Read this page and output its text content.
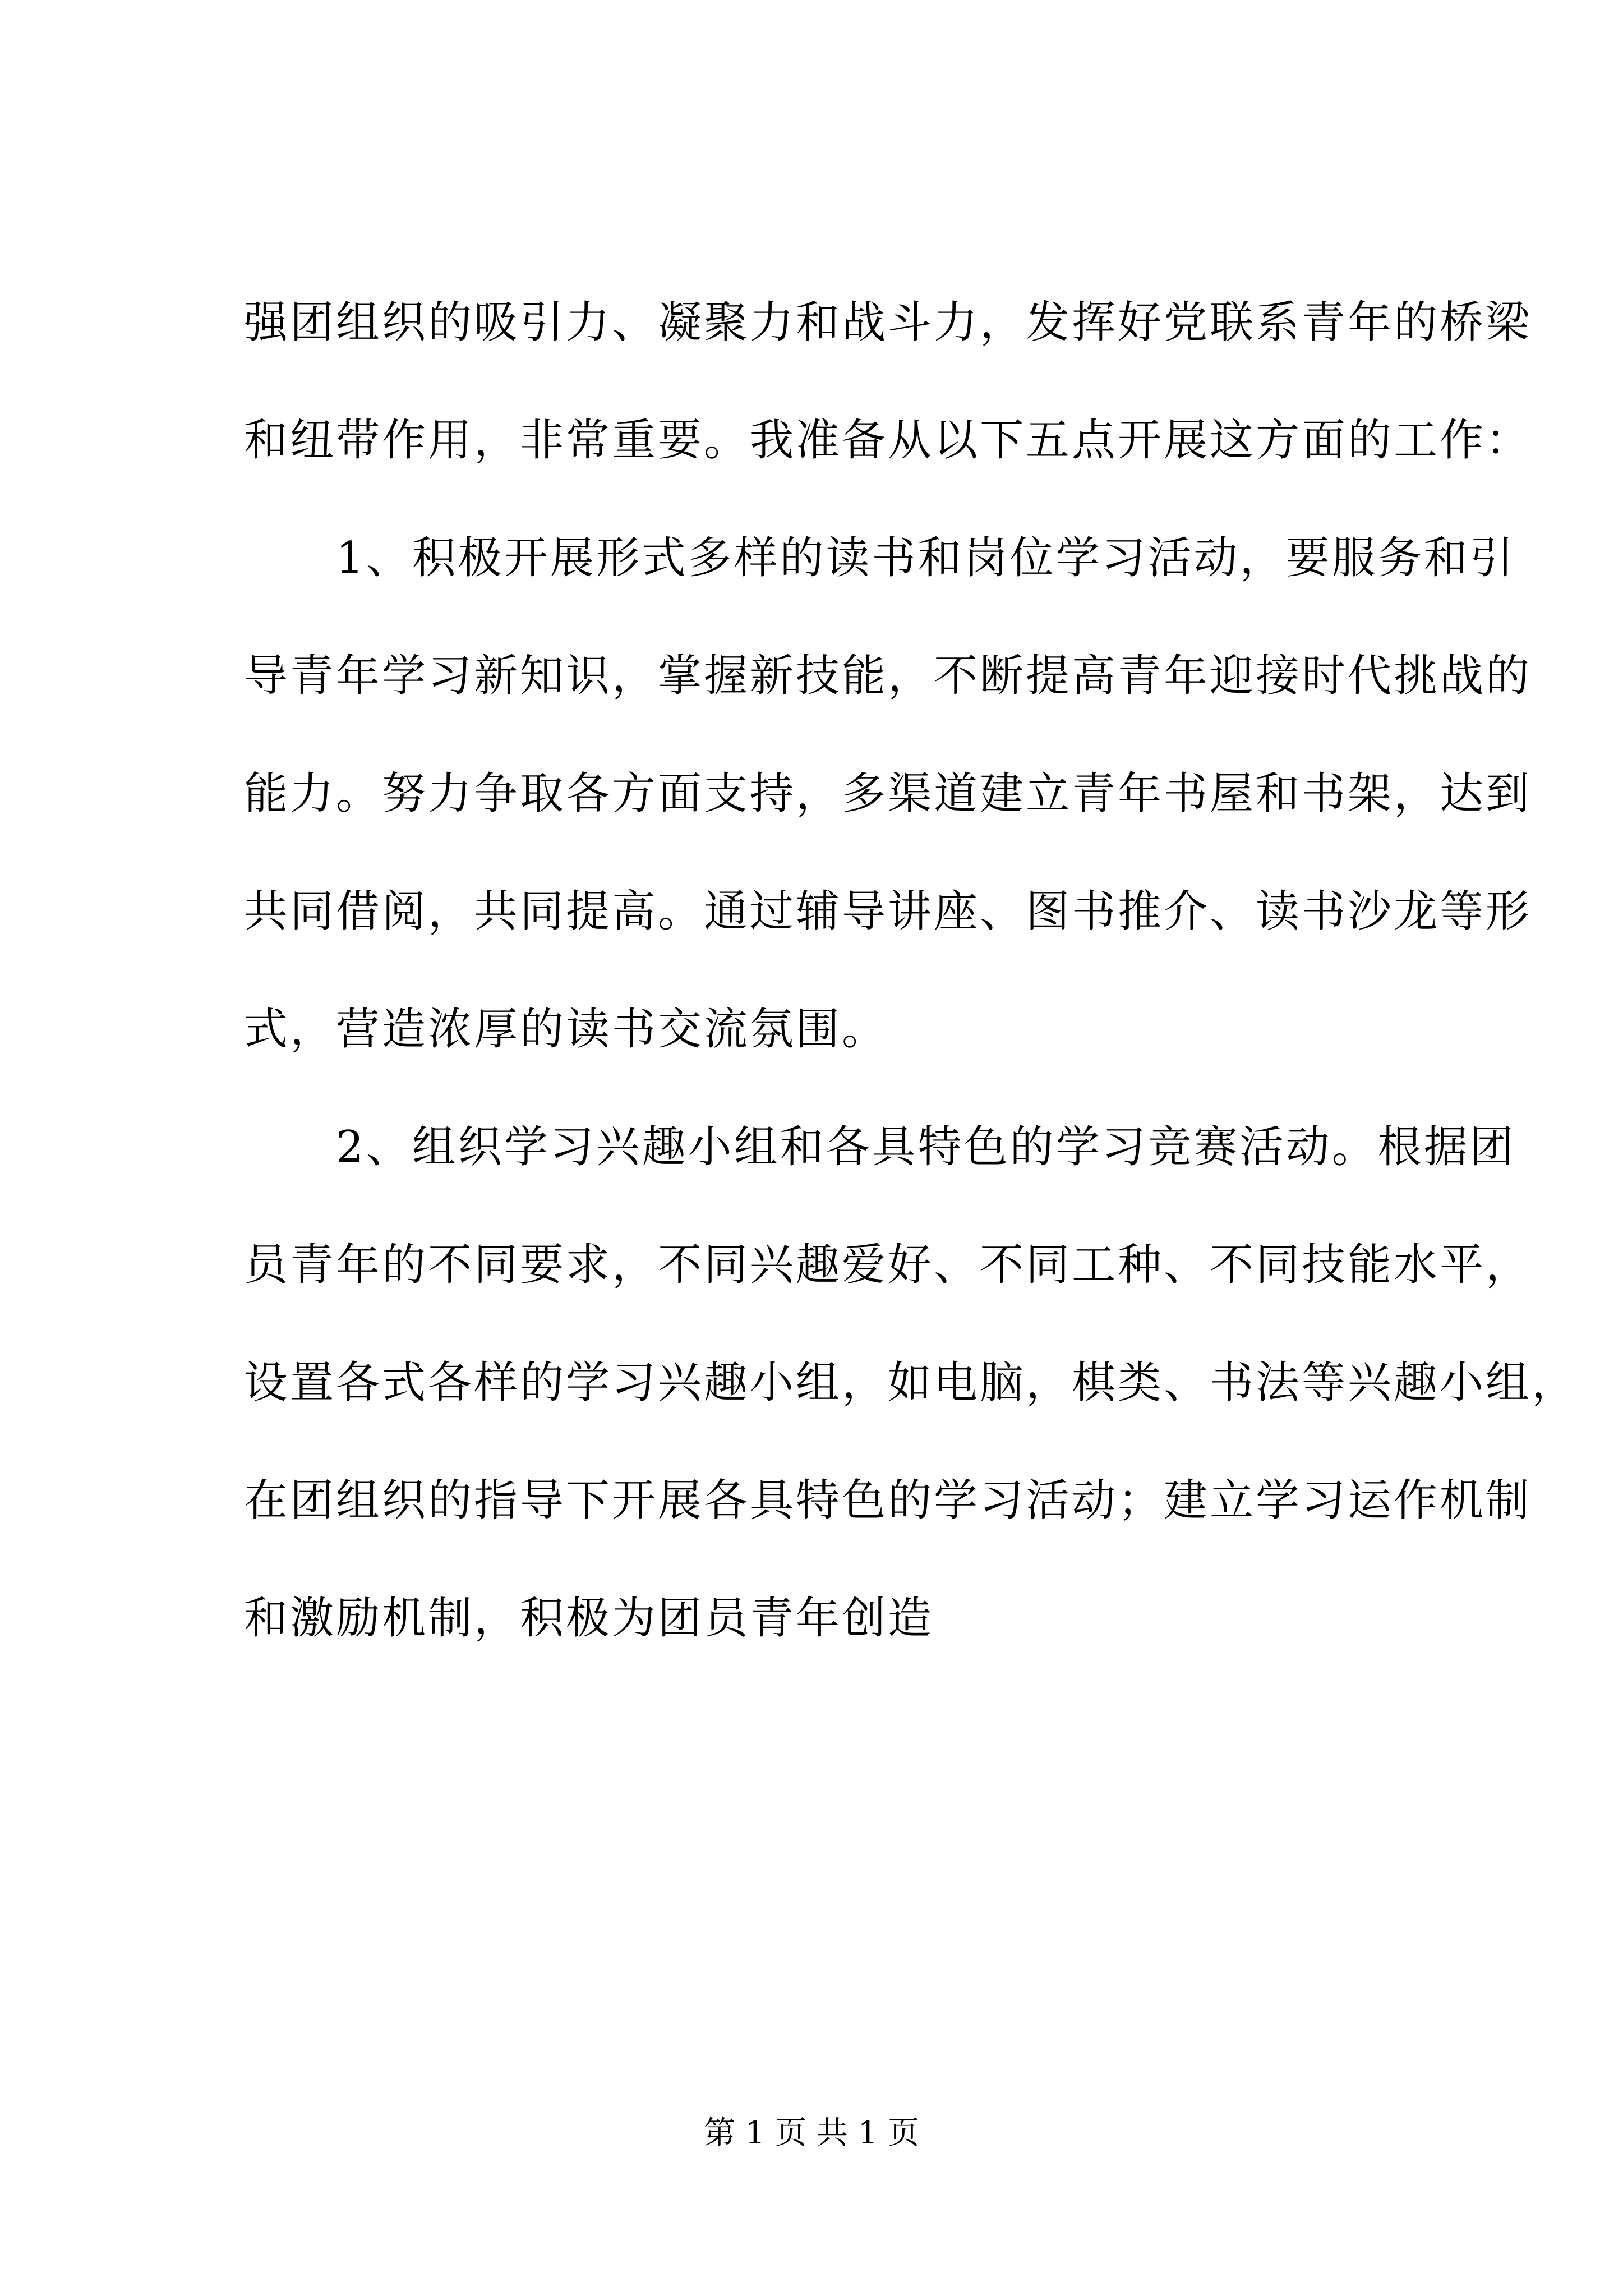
强团组织的吸引力、凝聚力和战斗力，发挥好党联系青年的桥梁
和纽带作用，非常重要。我准备从以下五点开展这方面的工作：
　　1、积极开展形式多样的读书和岗位学习活动，要服务和引
导青年学习新知识，掌握新技能，不断提高青年迎接时代挑战的
能力。努力争取各方面支持，多渠道建立青年书屋和书架，达到
共同借阅，共同提高。通过辅导讲座、图书推介、读书沙龙等形
式，营造浓厚的读书交流氛围。
　　2、组织学习兴趣小组和各具特色的学习竞赛活动。根据团
员青年的不同要求，不同兴趣爱好、不同工种、不同技能水平，
设置各式各样的学习兴趣小组，如电脑，棋类、书法等兴趣小组，
在团组织的指导下开展各具特色的学习活动；建立学习运作机制
和激励机制，积极为团员青年创造
第 1 页 共 1 页
